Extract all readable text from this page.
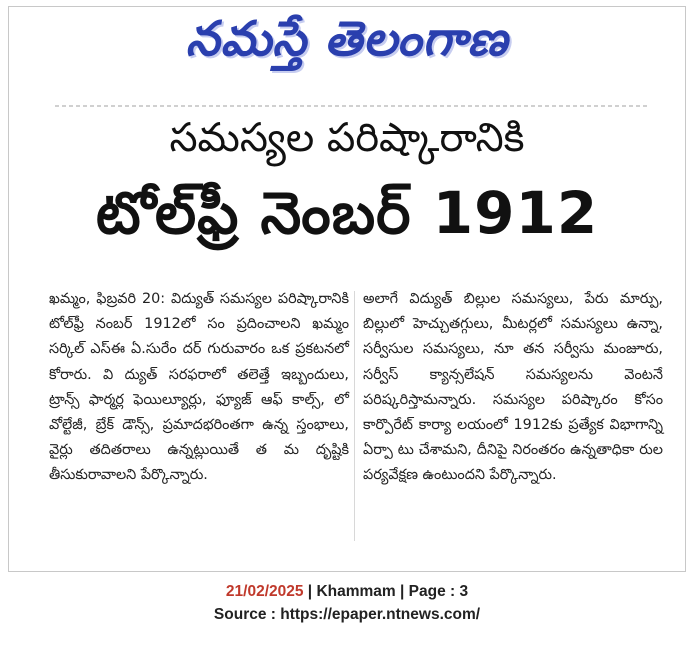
నమస్తే తెలంగాణ
సమస్యల పరిష్కారానికి
టోల్‌ఫ్రీ నెంబర్ 1912
ఖమ్మం, ఫిబ్రవరి 20: విద్యుత్ సమస్యల పరిష్కారానికి టోల్‌ఫ్రీ నంబర్ 1912లో సం ప్రదించాలని ఖమ్మం సర్కిల్ ఎస్‌ఈ ఏ.సురేం దర్ గురువారం ఒక ప్రకటనలో కోరారు. వి ద్యుత్ సరఫరాలో తలెత్తే ఇబ్బందులు, ట్రాన్స్ ఫార్మర్ల ఫెయిల్యూర్లు, ఫ్యూజ్ ఆఫ్ కాల్స్, లో వోల్టేజీ, బ్రేక్ డౌన్స్, ప్రమాదభరింతగా ఉన్న స్తంభాలు, వైర్లు తదితరాలు ఉన్నట్లుయితే త మ దృష్టికి తీసుకురావాలని పేర్కొన్నారు.
అలాగే విద్యుత్ బిల్లుల సమస్యలు, పేరు మార్పు, బిల్లులో హెచ్చుతగ్గులు, మీటర్లలో సమస్యలు ఉన్నా, సర్వీసుల సమస్యలు, నూ తన సర్వీసు మంజూరు, సర్వీస్ క్యాన్సలేషన్ సమస్యలను వెంటనే పరిష్కరిస్తామన్నారు. సమస్యల పరిష్కారం కోసం కార్పొరేట్ కార్యా లయంలో 1912కు ప్రత్యేక విభాగాన్ని ఏర్పా టు చేశామని, దీనిపై నిరంతరం ఉన్నతాధికా రుల పర్యవేక్షణ ఉంటుందని పేర్కొన్నారు.
21/02/2025 | Khammam | Page : 3
Source : https://epaper.ntnews.com/
